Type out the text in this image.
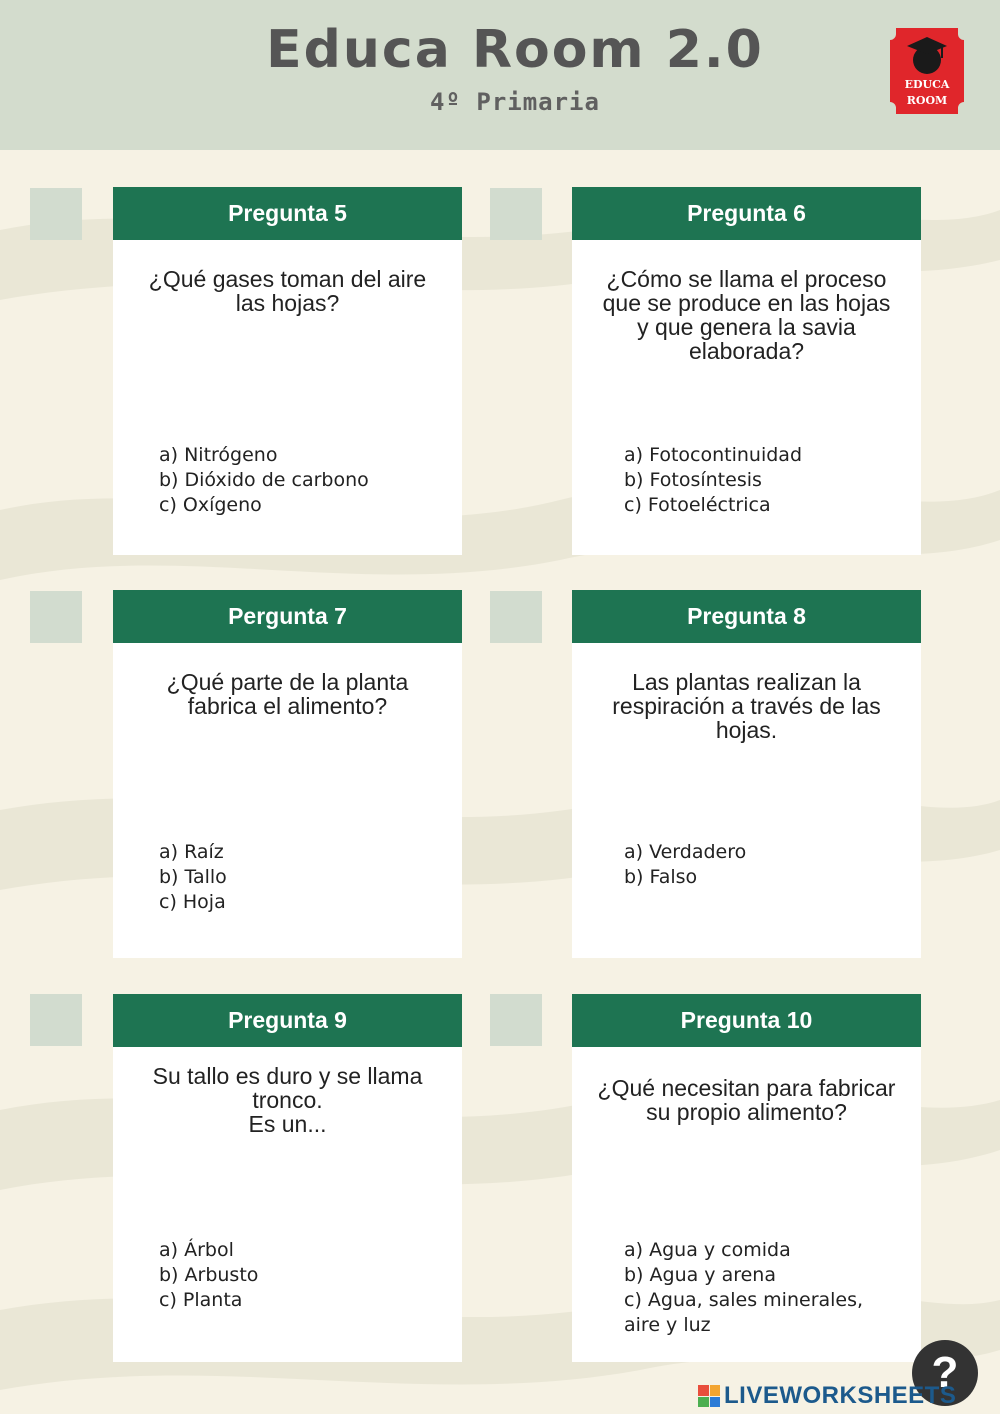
Educa Room 2.0
4º Primaria
EDUCA
ROOM
Pregunta 5
¿Qué gases toman del aire las hojas?
a) Nitrógeno
b) Dióxido de carbono
c) Oxígeno
Pregunta 6
¿Cómo se llama el proceso que se produce en las hojas y que genera la savia elaborada?
a) Fotocontinuidad
b) Fotosíntesis
c) Fotoeléctrica
Pergunta 7
¿Qué parte de la planta fabrica el alimento?
a) Raíz
b) Tallo
c) Hoja
Pregunta 8
Las plantas realizan la respiración a través de las hojas.
a) Verdadero
b) Falso
Pregunta 9
Su tallo es duro y se llama tronco.
Es un...
a) Árbol
b) Arbusto
c) Planta
Pregunta 10
¿Qué necesitan para fabricar su propio alimento?
a) Agua y comida
b) Agua y arena
c) Agua, sales minerales,
aire y luz
?
LIVEWORKSHEETS
